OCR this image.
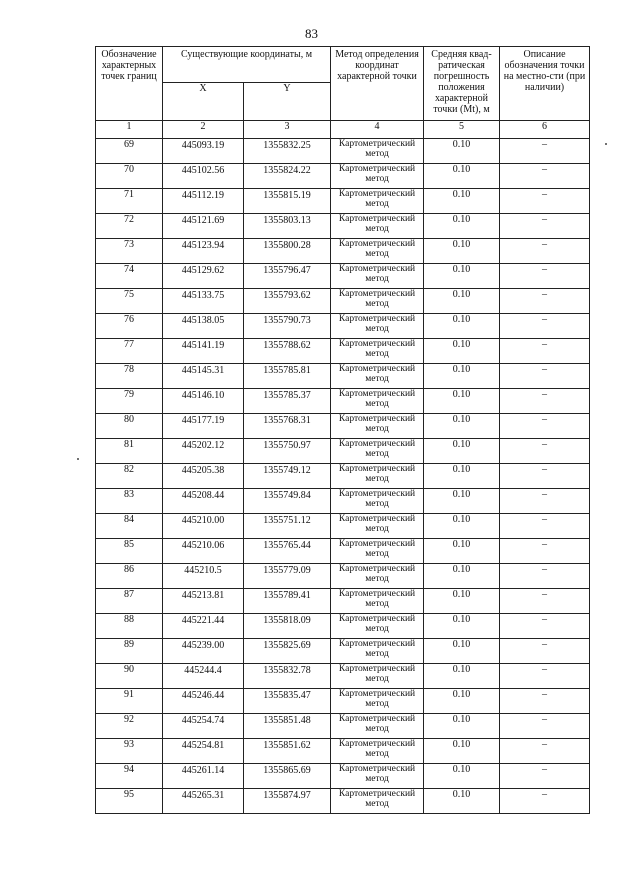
83
Обозначение характерных точек границ	Существующие координаты, м		Метод определения координат характерной точки	Средняя квад-ратическая погрешность положения характерной точки (Mt), м	Описание обозначения точки на местно-сти (при наличии)
	X	Y			
1	2	3	4	5	6
69	445093.19	1355832.25	Картометрический метод	0.10	–
70	445102.56	1355824.22	Картометрический метод	0.10	–
71	445112.19	1355815.19	Картометрический метод	0.10	–
72	445121.69	1355803.13	Картометрический метод	0.10	–
73	445123.94	1355800.28	Картометрический метод	0.10	–
74	445129.62	1355796.47	Картометрический метод	0.10	–
75	445133.75	1355793.62	Картометрический метод	0.10	–
76	445138.05	1355790.73	Картометрический метод	0.10	–
77	445141.19	1355788.62	Картометрический метод	0.10	–
78	445145.31	1355785.81	Картометрический метод	0.10	–
79	445146.10	1355785.37	Картометрический метод	0.10	–
80	445177.19	1355768.31	Картометрический метод	0.10	–
81	445202.12	1355750.97	Картометрический метод	0.10	–
82	445205.38	1355749.12	Картометрический метод	0.10	–
83	445208.44	1355749.84	Картометрический метод	0.10	–
84	445210.00	1355751.12	Картометрический метод	0.10	–
85	445210.06	1355765.44	Картометрический метод	0.10	–
86	445210.5	1355779.09	Картометрический метод	0.10	–
87	445213.81	1355789.41	Картометрический метод	0.10	–
88	445221.44	1355818.09	Картометрический метод	0.10	–
89	445239.00	1355825.69	Картометрический метод	0.10	–
90	445244.4	1355832.78	Картометрический метод	0.10	–
91	445246.44	1355835.47	Картометрический метод	0.10	–
92	445254.74	1355851.48	Картометрический метод	0.10	–
93	445254.81	1355851.62	Картометрический метод	0.10	–
94	445261.14	1355865.69	Картометрический метод	0.10	–
95	445265.31	1355874.97	Картометрический метод	0.10	–
